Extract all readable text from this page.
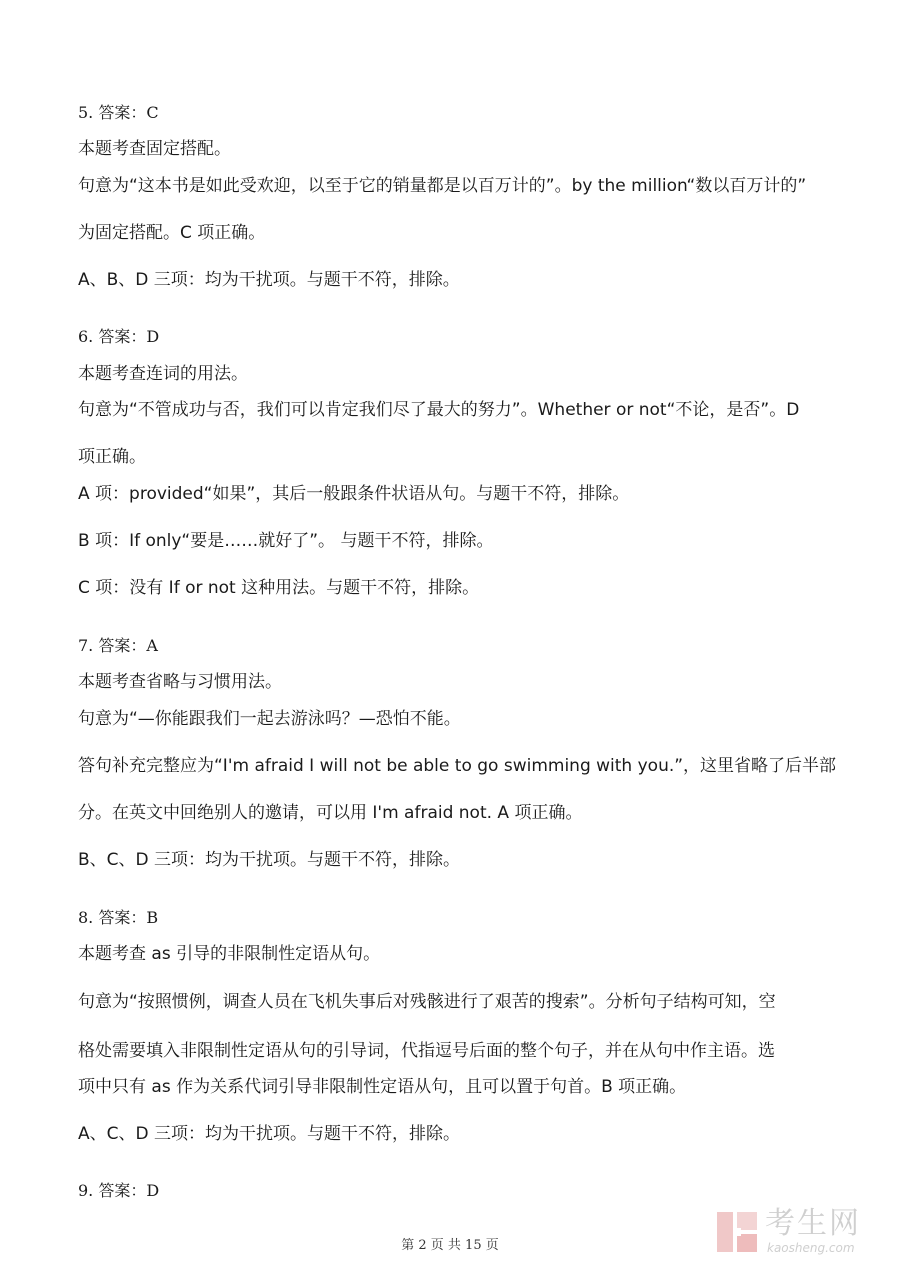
5. 答案：C
本题考查固定搭配。
句意为“这本书是如此受欢迎，以至于它的销量都是以百万计的”。by the million“数以百万计的”
为固定搭配。C 项正确。
A、B、D 三项：均为干扰项。与题干不符，排除。
6. 答案：D
本题考查连词的用法。
句意为“不管成功与否，我们可以肯定我们尽了最大的努力”。Whether or not“不论，是否”。D
项正确。
A 项：provided“如果”，其后一般跟条件状语从句。与题干不符，排除。
B 项：If only“要是……就好了”。 与题干不符，排除。
C 项：没有 If or not 这种用法。与题干不符，排除。
7. 答案：A
本题考查省略与习惯用法。
句意为“—你能跟我们一起去游泳吗？—恐怕不能。
答句补充完整应为“I'm afraid I will not be able to go swimming with you.”，这里省略了后半部
分。在英文中回绝别人的邀请，可以用 I'm afraid not. A 项正确。
B、C、D 三项：均为干扰项。与题干不符，排除。
8. 答案：B
本题考查 as 引导的非限制性定语从句。
句意为“按照惯例，调查人员在飞机失事后对残骸进行了艰苦的搜索”。分析句子结构可知，空
格处需要填入非限制性定语从句的引导词，代指逗号后面的整个句子，并在从句中作主语。选
项中只有 as 作为关系代词引导非限制性定语从句，且可以置于句首。B 项正确。
A、C、D 三项：均为干扰项。与题干不符，排除。
9. 答案：D
第 2 页 共 15 页
考生网
kaosheng.com
